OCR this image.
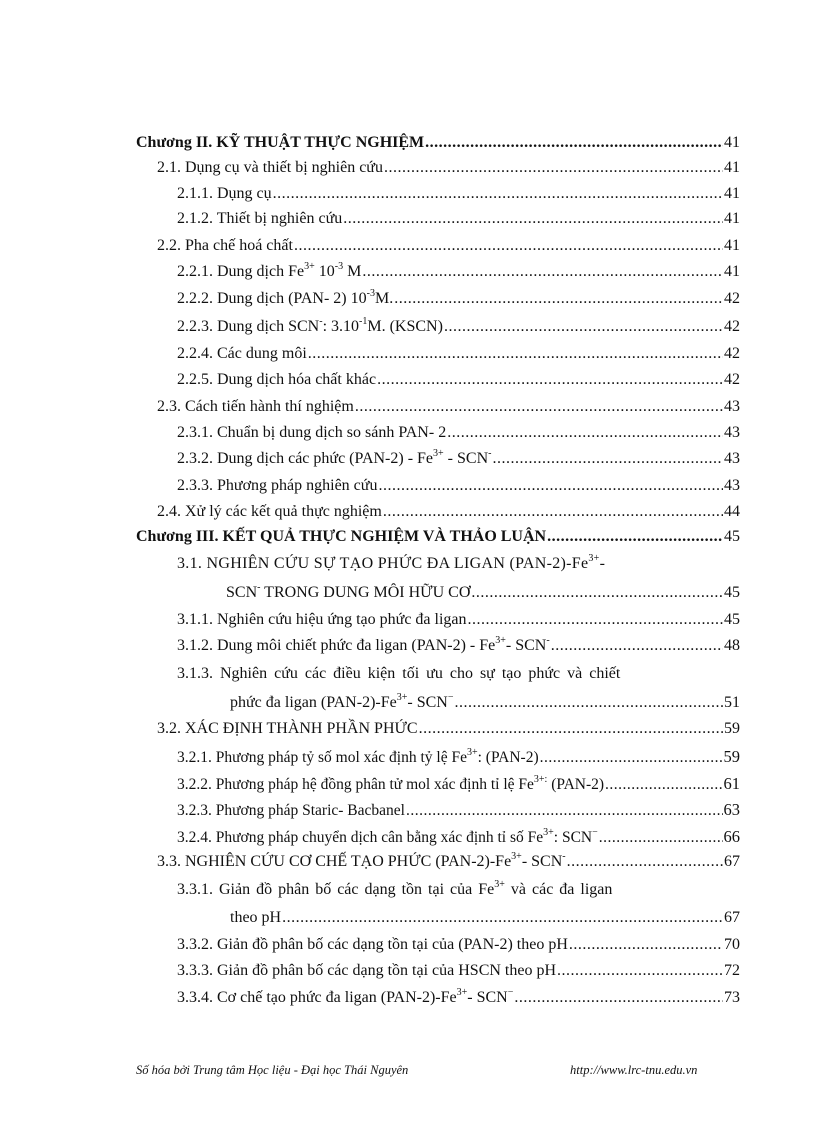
Chương II. KỸ THUẬT THỰC NGHIỆM .....	41
2.1. Dụng cụ và thiết bị nghiên cứu .....	41
2.1.1. Dụng cụ .....	41
2.1.2. Thiết bị nghiên cứu .....	41
2.2. Pha chế hoá chất .....	41
2.2.1. Dung dịch $Fe^{3+}$ $10^{-3}$ M .....	41
2.2.2. Dung dịch (PAN- 2) $10^{-3}M$. .....	42
2.2.3. Dung dịch SCN-: $3.10^{-1}M$. (KSCN) .....	42
2.2.4. Các dung môi .....	42
2.2.5. Dung dịch hóa chất khác .....	42
2.3. Cách tiến hành thí nghiệm .....	43
2.3.1. Chuẩn bị dung dịch so sánh PAN- 2 .....	43
2.3.2. Dung dịch các phức $(PAN-2) - Fe^{3+} - SCN^-$ .....	43
2.3.3. Phương pháp nghiên cứu .....	43
2.4. Xử lý các kết quả thực nghiệm .....	44
Chương III. KẾT QUẢ THỰC NGHIỆM VÀ THẢO LUẬN .....	45
3.1. NGHIÊN CỨU SỰ TẠO PHỨC ĐA LIGAN $(PAN-2)-Fe^{3+}-$
SCN- TRONG DUNG MÔI HỮU CƠ .....	45
3.1.1. Nghiên cứu hiệu ứng tạo phức đa ligan .....	45
3.1.2. Dung môi chiết phức đa ligan $(PAN-2) - Fe^{3+}-$ SCN- .....	48
3.1.3. Nghiên cứu các điều kiện tối ưu cho sự tạo phức và chiết
phức đa ligan $(PAN-2)-Fe^{3+}-$ SCN− .....	51
3.2. XÁC ĐỊNH THÀNH PHẦN PHỨC .....	59
3.2.1. Phương pháp tỷ số mol xác định tỷ lệ $Fe^{3+}$: (PAN-2) .....	59
3.2.2. Phương pháp hệ đồng phân tử mol xác định tỉ lệ $Fe^{3+:}$ (PAN-2) .....	61
3.2.3. Phương pháp Staric- Bacbanel .....	63
3.2.4. Phương pháp chuyển dịch cân bằng xác định tỉ số $Fe^{3+}$: SCN− .....	66
3.3. NGHIÊN CỨU CƠ CHẾ TẠO PHỨC $(PAN-2)-Fe^{3+}-$ SCN- .....	67
3.3.1. Giản đồ phân bố các dạng tồn tại của $Fe^{3+}$ và các đa ligan
theo pH .....	67
3.3.2. Giản đồ phân bố các dạng tồn tại của (PAN-2) theo pH .....	70
3.3.3. Giản đồ phân bố các dạng tồn tại của HSCN theo pH .....	72
3.3.4. Cơ chế tạo phức đa ligan $(PAN-2)-Fe^{3+}-$ SCN− .....	73
Số hóa bởi Trung tâm Học liệu - Đại học Thái Nguyên	http://www.lrc-tnu.edu.vn
